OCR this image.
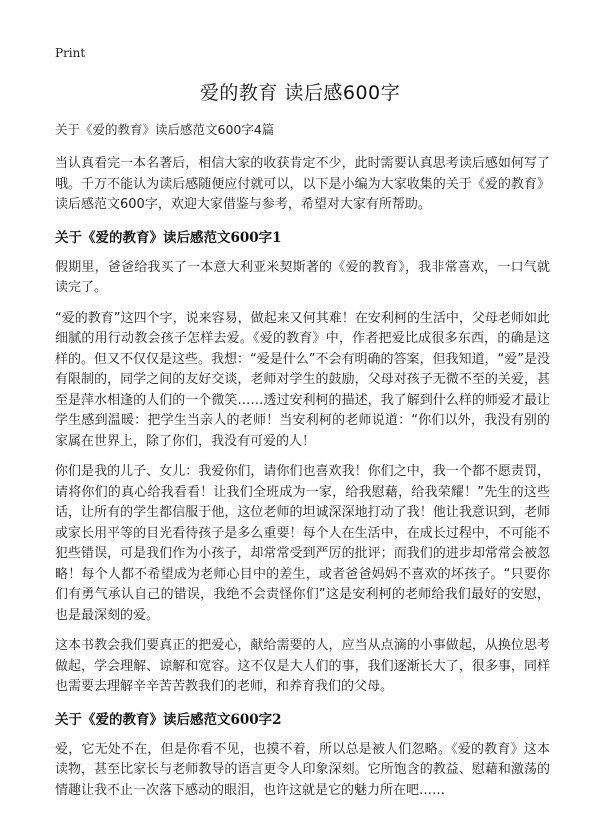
Print
爱的教育 读后感600字
关于《爱的教育》读后感范文600字4篇

当认真看完一本名著后，相信大家的收获肯定不少，此时需要认真思考读后感如何写了哦。千万不能认为读后感随便应付就可以，以下是小编为大家收集的关于《爱的教育》读后感范文600字，欢迎大家借鉴与参考，希望对大家有所帮助。

关于《爱的教育》读后感范文600字1

假期里，爸爸给我买了一本意大利亚米契斯著的《爱的教育》，我非常喜欢，一口气就读完了。

“爱的教育”这四个字，说来容易，做起来又何其难！在安利柯的生活中，父母老师如此细腻的用行动教会孩子怎样去爱。《爱的教育》中，作者把爱比成很多东西，的确是这样的。但又不仅仅是这些。我想：“爱是什么”不会有明确的答案，但我知道，“爱”是没有限制的，同学之间的友好交谈，老师对学生的鼓励，父母对孩子无微不至的关爱，甚至是萍水相逢的人们的一个微笑……透过安利柯的描述，我了解到什么样的师爱才最让学生感到温暖：把学生当亲人的老师！当安利柯的老师说道：“你们以外，我没有别的家属在世界上，除了你们，我没有可爱的人！

你们是我的儿子、女儿：我爱你们，请你们也喜欢我！你们之中，我一个都不愿责罚，请将你们的真心给我看看！让我们全班成为一家，给我慰藉，给我荣耀！”先生的这些话，让所有的学生都信服于他，这位老师的坦诚深深地打动了我！他让我意识到，老师或家长用平等的目光看待孩子是多么重要！每个人在生活中，在成长过程中，不可能不犯些错误，可是我们作为小孩子，却常常受到严厉的批评；而我们的进步却常常会被忽略！每个人都不希望成为老师心目中的差生，或者爸爸妈妈不喜欢的坏孩子。“只要你们有勇气承认自己的错误，我绝不会责怪你们”这是安利柯的老师给我们最好的安慰，也是最深刻的爱。

这本书教会我们要真正的把爱心，献给需要的人，应当从点滴的小事做起，从换位思考做起，学会理解、谅解和宽容。这不仅是大人们的事，我们逐渐长大了，很多事，同样也需要去理解辛辛苦苦教我们的老师，和养育我们的父母。

关于《爱的教育》读后感范文600字2

爱，它无处不在，但是你看不见，也摸不着，所以总是被人们忽略。《爱的教育》这本读物，甚至比家长与老师教导的语言更令人印象深刻。它所饱含的教益、慰藉和激荡的情趣让我不止一次落下感动的眼泪，也许这就是它的魅力所在吧……
